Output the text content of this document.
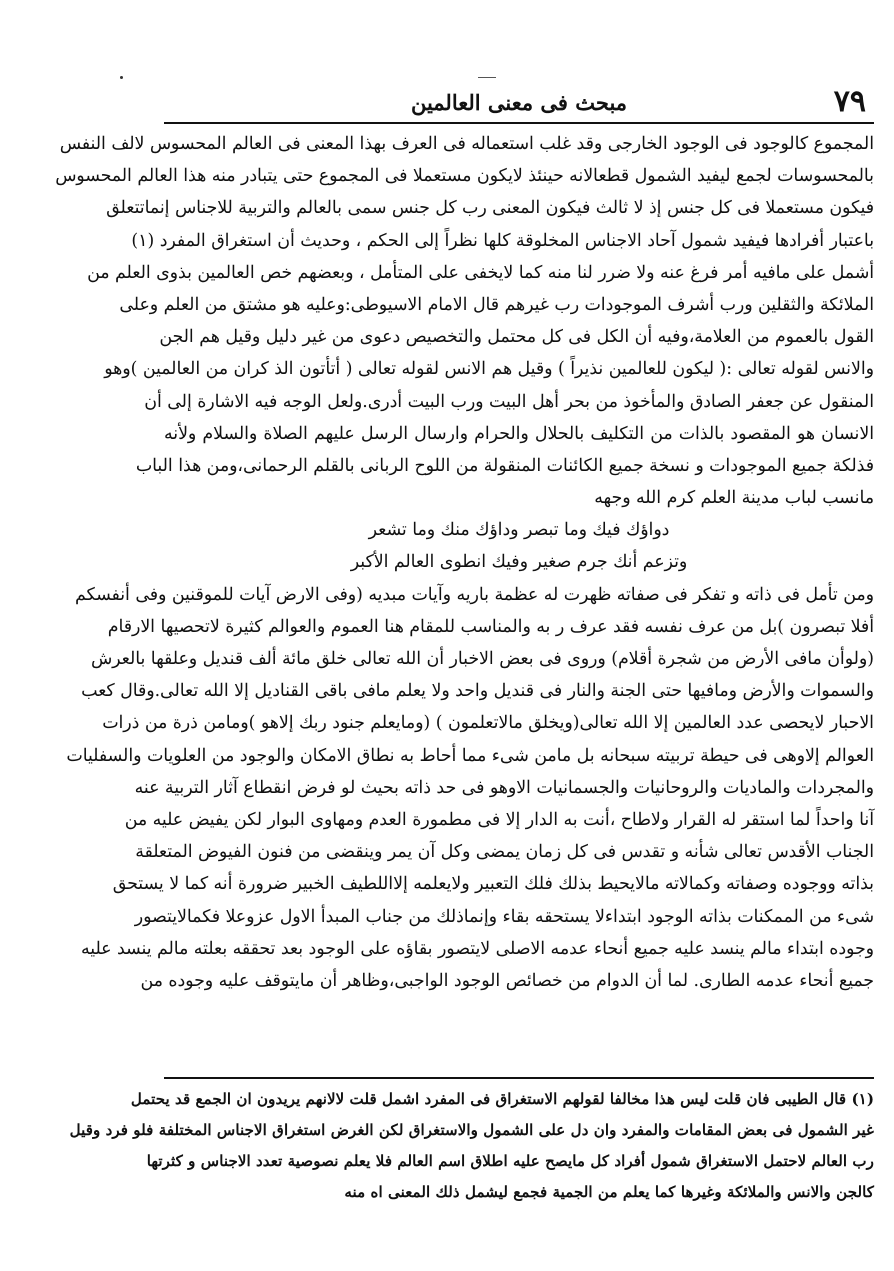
٧٩
مبحث فى معنى العالمين
المجموع كالوجود فى الوجود الخارجى وقد غلب استعماله فى العرف بهذا المعنى فى العالم المحسوس لالف النفس
بالمحسوسات لجمع ليفيد الشمول قطعالانه حينئذ لايكون مستعملا فى المجموع حتى يتبادر منه هذا العالم المحسوس
فيكون مستعملا فى كل جنس إذ لا ثالث فيكون المعنى رب كل جنس سمى بالعالم والتربية للاجناس إنماتتعلق
باعتبار أفرادها فيفيد شمول آحاد الاجناس المخلوقة كلها نظراً إلى الحكم ، وحديث أن استغراق المفرد (١)
أشمل على مافيه أمر فرغ عنه ولا ضرر لنا منه كما لايخفى على المتأمل ، وبعضهم خص العالمين بذوى العلم من
الملائكة والثقلين ورب أشرف الموجودات رب غيرهم قال الامام الاسيوطى:وعليه هو مشتق من العلم وعلى
القول بالعموم من العلامة،وفيه أن الكل فى كل محتمل والتخصيص دعوى من غير دليل وقيل هم الجن
والانس لقوله تعالى :( ليكون للعالمين نذيراً ) وقيل هم الانس لقوله تعالى ( أتأتون الذ كران من العالمين )وهو
المنقول عن جعفر الصادق والمأخوذ من بحر أهل البيت ورب البيت أدرى.ولعل الوجه فيه الاشارة إلى أن
الانسان هو المقصود بالذات من التكليف بالحلال والحرام وارسال الرسل عليهم الصلاة والسلام ولأنه
فذلكة جميع الموجودات و نسخة جميع الكائنات المنقولة من اللوح الربانى بالقلم الرحمانى،ومن هذا الباب
مانسب لباب مدينة العلم كرم الله وجهه
دواؤك فيك وما تبصر وداؤك منك وما تشعر
وتزعم أنك جرم صغير وفيك انطوى العالم الأكبر
ومن تأمل فى ذاته و تفكر فى صفاته ظهرت له عظمة باريه وآيات مبديه (وفى الارض آيات للموقنين وفى أنفسكم
أفلا تبصرون )بل من عرف نفسه فقد عرف ر به والمناسب للمقام هنا العموم والعوالم كثيرة لاتحصيها الارقام
(ولوأن مافى الأرض من شجرة أقلام) وروى فى بعض الاخبار أن الله تعالى خلق مائة ألف قنديل وعلقها بالعرش
والسموات والأرض ومافيها حتى الجنة والنار فى قنديل واحد ولا يعلم مافى باقى القناديل إلا الله تعالى.وقال كعب
الاحبار لايحصى عدد العالمين إلا الله تعالى(ويخلق مالاتعلمون ) (ومايعلم جنود ربك إلاهو )ومامن ذرة من ذرات
العوالم إلاوهى فى حيطة تربيته سبحانه بل مامن شىء مما أحاط به نطاق الامكان والوجود من العلويات والسفليات
والمجردات والماديات والروحانيات والجسمانيات الاوهو فى حد ذاته بحيث لو فرض انقطاع آثار التربية عنه
آنا واحداً لما استقر له القرار ولاطاح ،أنت به الدار إلا فى مطمورة العدم ومهاوى البوار لكن يفيض عليه من
الجناب الأقدس تعالى شأنه و تقدس فى كل زمان يمضى وكل آن يمر وينقضى من فنون الفيوض المتعلقة
بذاته ووجوده وصفاته وكمالاته مالايحيط بذلك فلك التعبير ولايعلمه إلااللطيف الخبير ضرورة أنه كما لا يستحق
شىء من الممكنات بذاته الوجود ابتداءلا يستحقه بقاء وإنماذلك من جناب المبدأ الاول عزوعلا فكمالايتصور
وجوده ابتداء مالم ينسد عليه جميع أنحاء عدمه الاصلى لايتصور بقاؤه على الوجود بعد تحققه بعلته مالم ينسد عليه
جميع أنحاء عدمه الطارى. لما أن الدوام من خصائص الوجود الواجبى،وظاهر أن مايتوقف عليه وجوده من
(١) قال الطيبى فان قلت ليس هذا مخالفا لقولهم الاستغراق فى المفرد اشمل قلت لالانهم يريدون ان الجمع قد يحتمل
غير الشمول فى بعض المقامات والمفرد وان دل على الشمول والاستغراق لكن الغرض استغراق الاجناس المختلفة فلو فرد وقيل
رب العالم لاحتمل الاستغراق شمول أفراد كل مايصح عليه اطلاق اسم العالم فلا يعلم نصوصية تعدد الاجناس و كثرتها
كالجن والانس والملائكة وغيرها كما يعلم من الجمية فجمع ليشمل ذلك المعنى اه منه
